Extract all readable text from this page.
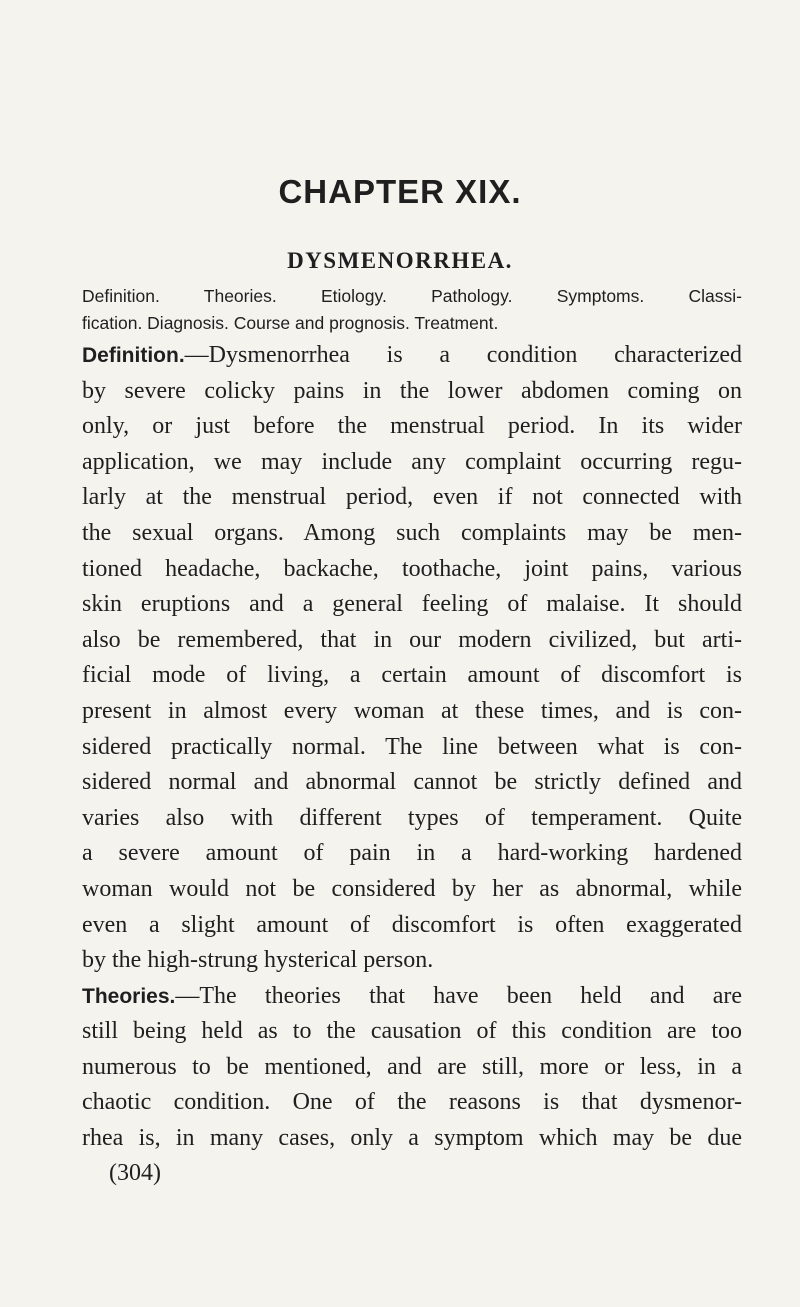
CHAPTER XIX.
DYSMENORRHEA.
Definition. Theories. Etiology. Pathology. Symptoms. Classi-
fication. Diagnosis. Course and prognosis. Treatment.
Definition.—Dysmenorrhea is a condition characterized
by severe colicky pains in the lower abdomen coming on
only, or just before the menstrual period. In its wider
application, we may include any complaint occurring regu-
larly at the menstrual period, even if not connected with
the sexual organs. Among such complaints may be men-
tioned headache, backache, toothache, joint pains, various
skin eruptions and a general feeling of malaise. It should
also be remembered, that in our modern civilized, but arti-
ficial mode of living, a certain amount of discomfort is
present in almost every woman at these times, and is con-
sidered practically normal. The line between what is con-
sidered normal and abnormal cannot be strictly defined and
varies also with different types of temperament. Quite
a severe amount of pain in a hard-working hardened
woman would not be considered by her as abnormal, while
even a slight amount of discomfort is often exaggerated
by the high-strung hysterical person.
Theories.—The theories that have been held and are
still being held as to the causation of this condition are too
numerous to be mentioned, and are still, more or less, in a
chaotic condition. One of the reasons is that dysmenor-
rhea is, in many cases, only a symptom which may be due
(304)
